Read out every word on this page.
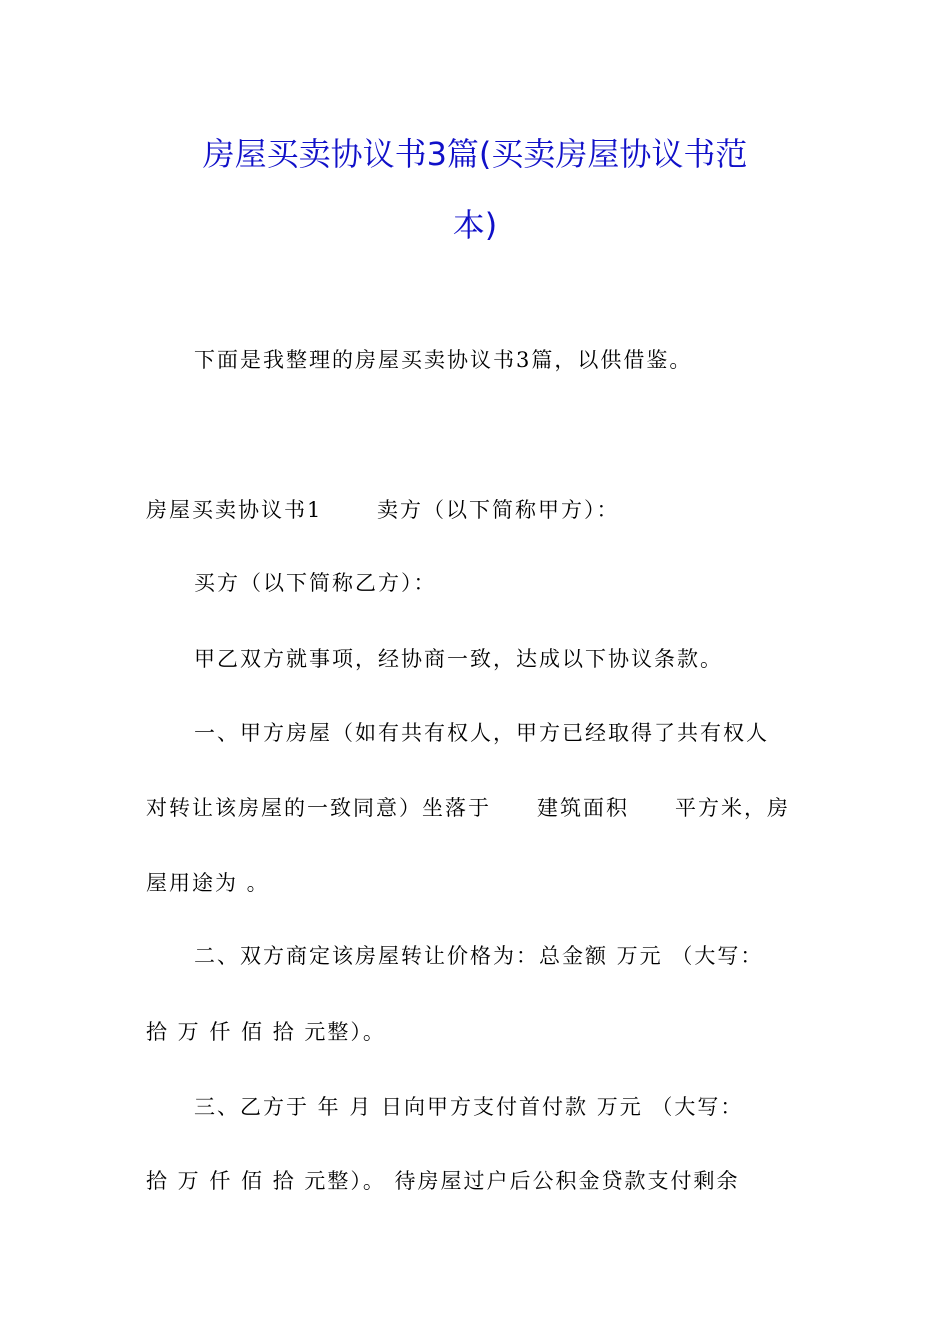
房屋买卖协议书3篇(买卖房屋协议书范
本)
下面是我整理的房屋买卖协议书3篇，以供借鉴。
房屋买卖协议书1　　 卖方（以下简称甲方）：
买方（以下简称乙方）：
甲乙双方就事项，经协商一致，达成以下协议条款。
一、甲方房屋（如有共有权人，甲方已经取得了共有权人
对转让该房屋的一致同意）坐落于　　建筑面积　　平方米，房
屋用途为 。
二、双方商定该房屋转让价格为：总金额 万元 （大写：
拾 万 仟 佰 拾 元整）。
三、乙方于 年 月 日向甲方支付首付款 万元 （大写：
拾 万 仟 佰 拾 元整）。 待房屋过户后公积金贷款支付剩余
